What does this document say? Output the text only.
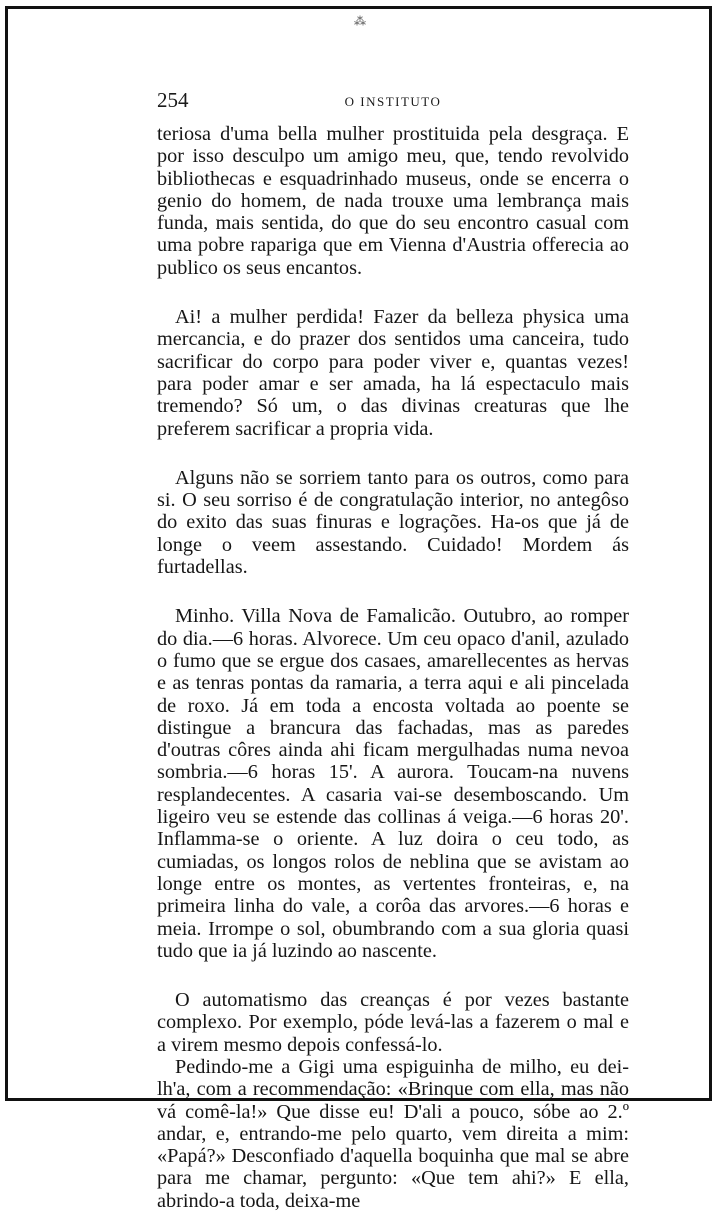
⁂
254	O INSTITUTO

teriosa d'uma bella mulher prostituida pela desgraça. E por isso desculpo um amigo meu, que, tendo revolvido bibliothecas e esquadrinhado museus, onde se encerra o genio do homem, de nada trouxe uma lembrança mais funda, mais sentida, do que do seu encontro casual com uma pobre rapariga que em Vienna d'Austria offerecia ao publico os seus encantos.

Ai! a mulher perdida! Fazer da belleza physica uma mercancia, e do prazer dos sentidos uma canceira, tudo sacrificar do corpo para poder viver e, quantas vezes! para poder amar e ser amada, ha lá espectaculo mais tremendo? Só um, o das divinas creaturas que lhe preferem sacrificar a propria vida.

Alguns não se sorriem tanto para os outros, como para si. O seu sorriso é de congratulação interior, no antegôso do exito das suas finuras e lograções. Ha-os que já de longe o veem assestando. Cuidado! Mordem ás furtadellas.

Minho. Villa Nova de Famalicão. Outubro, ao romper do dia.—6 horas. Alvorece. Um ceu opaco d'anil, azulado o fumo que se ergue dos casaes, amarellecentes as hervas e as tenras pontas da ramaria, a terra aqui e ali pincelada de roxo. Já em toda a encosta voltada ao poente se distingue a brancura das fachadas, mas as paredes d'outras côres ainda ahi ficam mergulhadas numa nevoa sombria.—6 horas 15'. A aurora. Toucam-na nuvens resplandecentes. A casaria vai-se desemboscando. Um ligeiro veu se estende das collinas á veiga.—6 horas 20'. Inflamma-se o oriente. A luz doira o ceu todo, as cumiadas, os longos rolos de neblina que se avistam ao longe entre os montes, as vertentes fronteiras, e, na primeira linha do vale, a corôa das arvores.—6 horas e meia. Irrompe o sol, obumbrando com a sua gloria quasi tudo que ia já luzindo ao nascente.

O automatismo das creanças é por vezes bastante complexo. Por exemplo, póde levá-las a fazerem o mal e a virem mesmo depois confessá-lo.

Pedindo-me a Gigi uma espiguinha de milho, eu dei-lh'a, com a recommendação: «Brinque com ella, mas não vá comê-la!» Que disse eu! D'ali a pouco, sóbe ao 2.º andar, e, entrando-me pelo quarto, vem direita a mim: «Papá?» Desconfiado d'aquella boquinha que mal se abre para me chamar, pergunto: «Que tem ahi?» E ella, abrindo-a toda, deixa-me
